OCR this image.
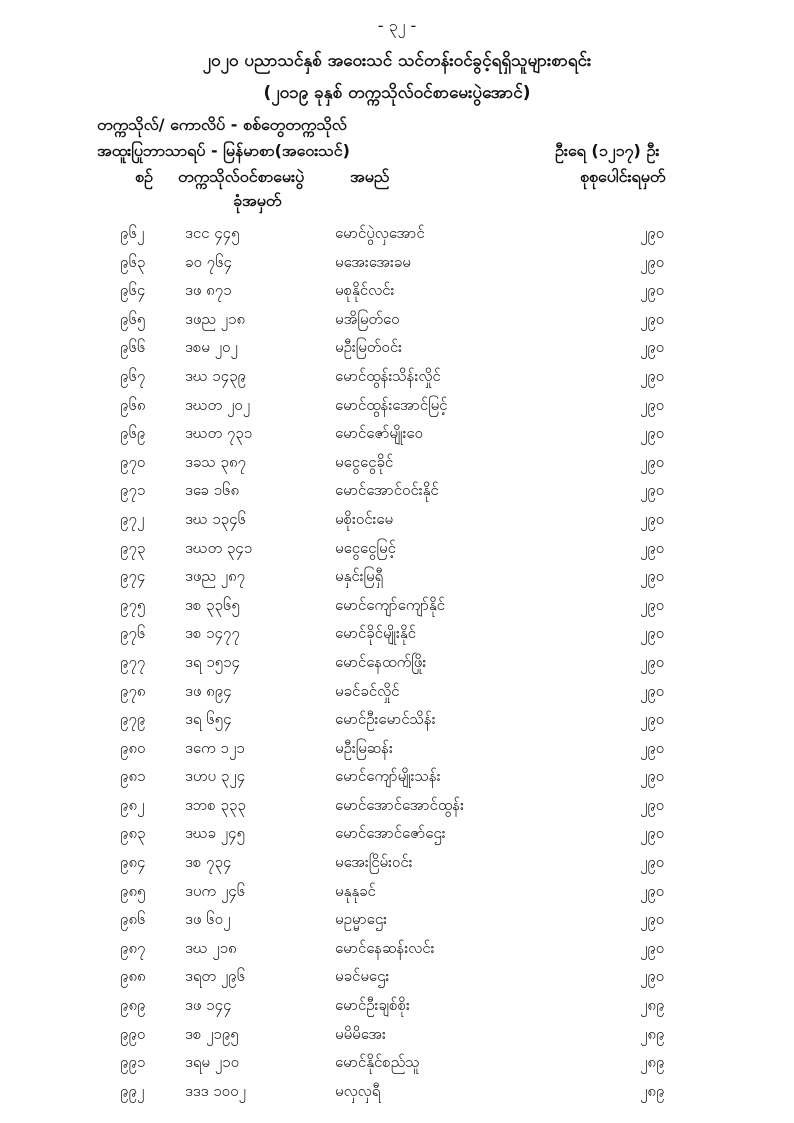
- ၃၂ -
၂၀၂၀ ပညာသင်နှစ် အဝေးသင် သင်တန်းဝင်ခွင့်ရရှိသူများစာရင်း
(၂၀၁၉ ခုနှစ် တက္ကသိုလ်ဝင်စာမေးပွဲအောင်)
တက္ကသိုလ်/ ကောလိပ် - စစ်တွေတက္ကသိုလ်
အထူးပြုဘာသာရပ် - မြန်မာစာ(အဝေးသင်)	ဦးရေ (၁၂၁၇) ဦး
စဉ် တက္ကသိုလ်ဝင်စာမေးပွဲ
ခုံအမှတ်
အမည်	စုစုပေါင်းရမှတ်
၉၆၂	ဒငင ၄၄၅	မောင်ပွဲလှအောင်	၂၉၀
၉၆၃	ခဝ ၇၆၄	မအေးအေးခမ	၂၉၀
၉၆၄	ဒဖ ၈၇၁	မစုနိုင်လင်း	၂၉၀
၉၆၅	ဒဖည ၂၁၈	မအိမြတ်ဝေ	၂၉၀
၉၆၆	ဒစမ ၂၀၂	မဦးမြတ်ဝင်း	၂၉၀
၉၆၇	ဒဃ ၁၄၃၉	မောင်ထွန်းသိန်းလှိုင်	၂၉၀
၉၆၈	ဒဃတ ၂၀၂	မောင်ထွန်းအောင်မြင့်	၂၉၀
၉၆၉	ဒဃတ ၇၃၁	မောင်ဇော်မျိုးဝေ	၂၉၀
၉၇၀	ဒခသ ၃၈၇	မငွေငွေခိုင်	၂၉၀
၉၇၁	ဒခေ ၁၆၈	မောင်အောင်ဝင်းနိုင်	၂၉၀
၉၇၂	ဒဃ ၁၃၄၆	မစိုးဝင်းမေ	၂၉၀
၉၇၃	ဒဃတ ၃၄၁	မငွေငွေမြင့်	၂၉၀
၉၇၄	ဒဖည ၂၈၇	မနှင်းမြရှီ	၂၉၀
၉၇၅	ဒစ ၃၃၆၅	မောင်ကျော်ကျော်နိုင်	၂၉၀
၉၇၆	ဒစ ၁၄၇၇	မောင်ခိုင်မျိုးနိုင်	၂၉၀
၉၇၇	ဒရ ၁၅၁၄	မောင်နေထက်ဖြိုး	၂၉၀
၉၇၈	ဒဖ ၈၉၄	မခင်ခင်လှိုင်	၂၉၀
၉၇၉	ဒရ ၆၅၄	မောင်ဦးမောင်သိန်း	၂၉၀
၉၈၀	ဒကေ ၁၂၁	မဦးမြဆန်း	၂၉၀
၉၈၁	ဒဟပ ၃၂၄	မောင်ကျော်မျိုးသန်း	၂၉၀
၉၈၂	ဒဘစ ၃၃၃	မောင်အောင်အောင်ထွန်း	၂၉၀
၉၈၃	ဒဃခ ၂၄၅	မောင်အောင်ဇော်ဌေး	၂၉၀
၉၈၄	ဒစ ၇၃၄	မအေးငြိမ်းဝင်း	၂၉၀
၉၈၅	ဒပက ၂၄၆	မနုနုခင်	၂၉၀
၉၈၆	ဒဖ ၆၀၂	မဥမ္မာဌေး	၂၉၀
၉၈၇	ဒဃ ၂၁၈	မောင်နေဆန်းလင်း	၂၉၀
၉၈၈	ဒရတ ၂၉၆	မခင်မဌေး	၂၉၀
၉၈၉	ဒဖ ၁၄၄	မောင်ဦးချစ်စိုး	၂၈၉
၉၉၀	ဒစ ၂၁၉၅	မမိမိအေး	၂၈၉
၉၉၁	ဒရမ ၂၁၀	မောင်နိုင်စည်သူ	၂၈၉
၉၉၂	ဒဒဒ ၁၀၀၂	မလှလှရီ	၂၈၉
